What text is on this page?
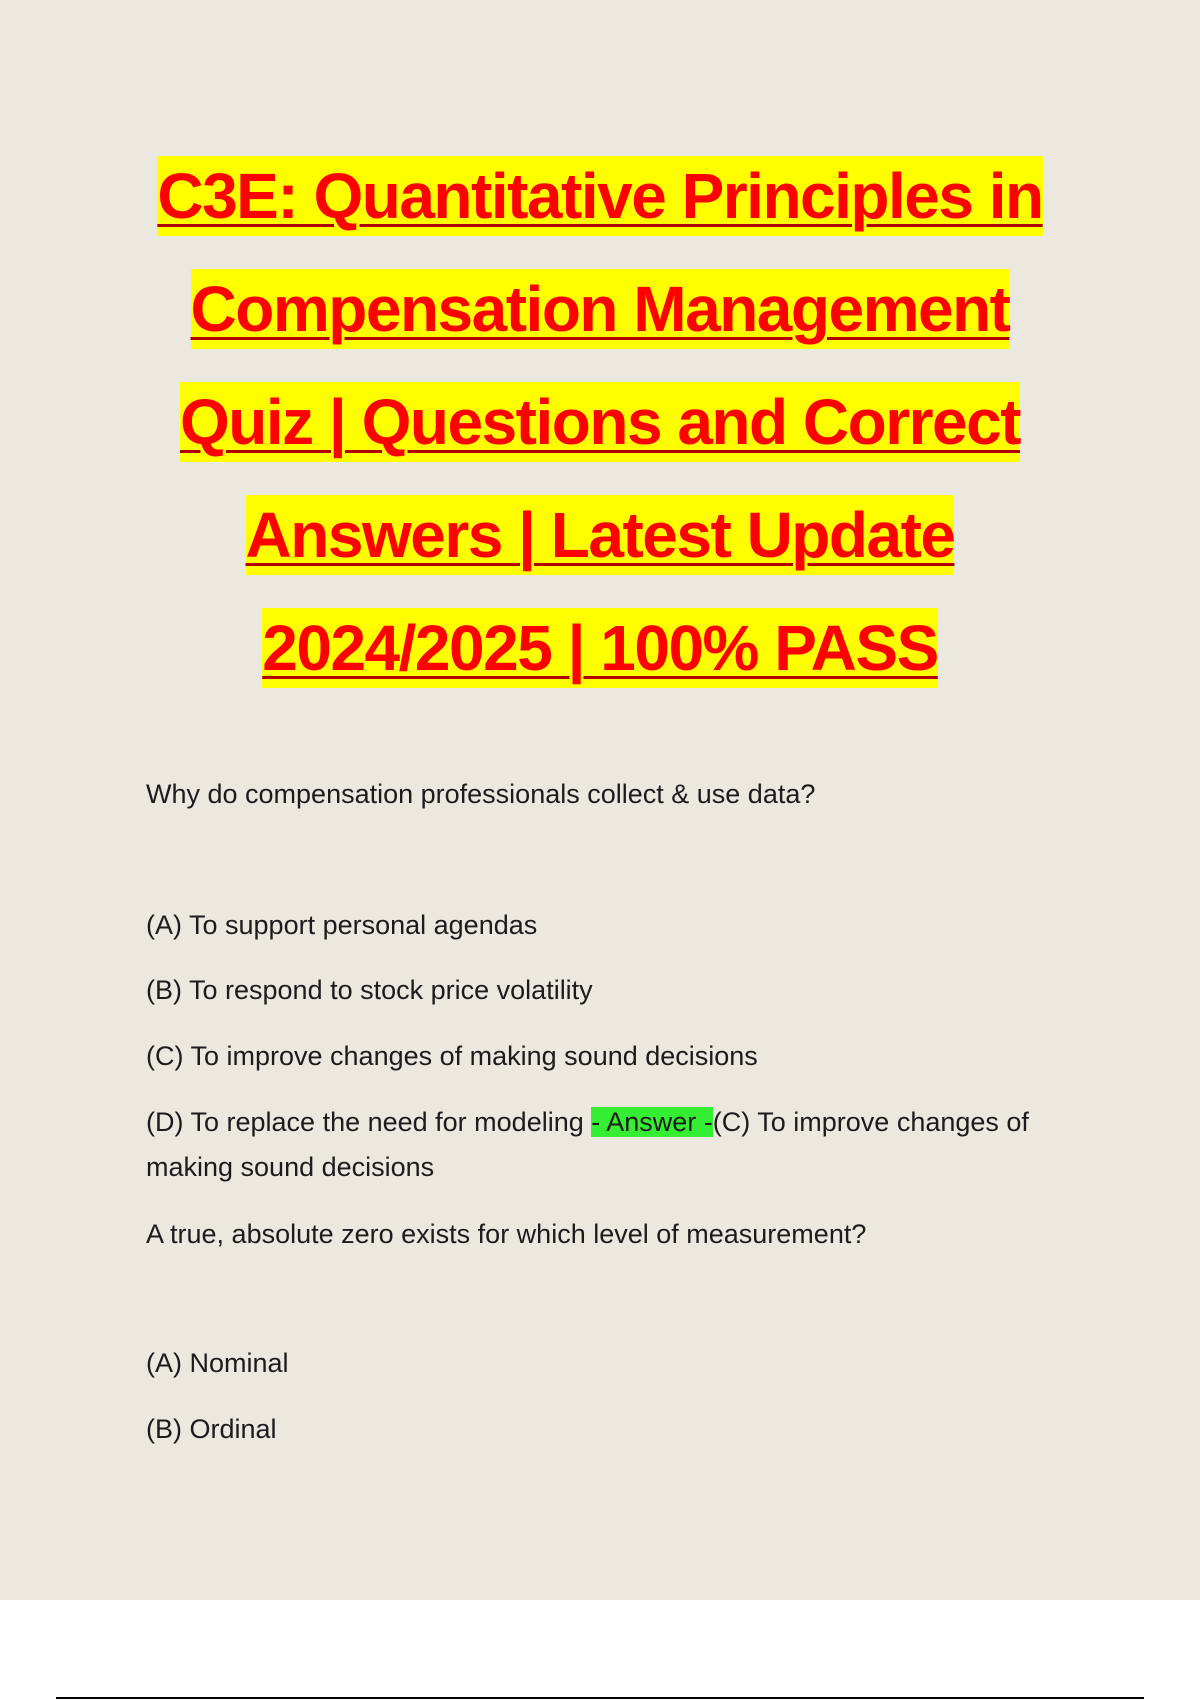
C3E: Quantitative Principles in
Compensation Management
Quiz | Questions and Correct
Answers | Latest Update
2024/2025 | 100% PASS

Why do compensation professionals collect & use data?

(A) To support personal agendas

(B) To respond to stock price volatility

(C) To improve changes of making sound decisions

(D) To replace the need for modeling - Answer -(C) To improve changes of making sound decisions

A true, absolute zero exists for which level of measurement?

(A) Nominal

(B) Ordinal
